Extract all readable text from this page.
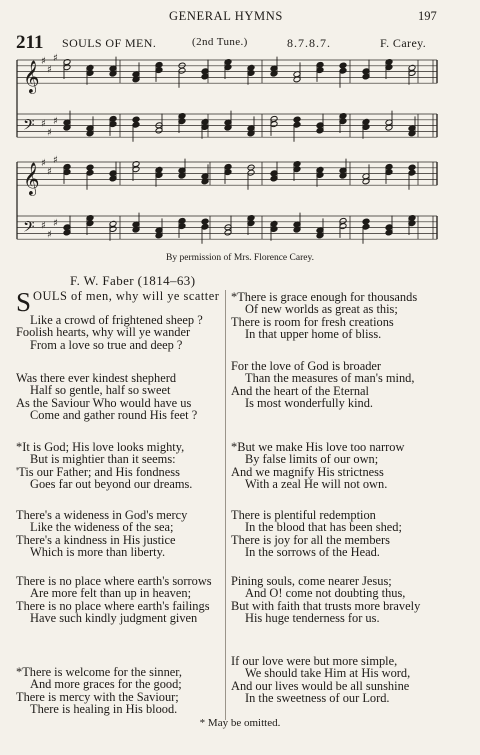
GENERAL HYMNS	197
211 SOULS OF MEN.	(2nd Tune.)	8.7.8.7.	F. Carey.
𝄞 ♯
♯
♯
𝄢 ♯
♯
♯
𝄞 ♯
♯
♯
𝄢 ♯
♯
♯
By permission of Mrs. Florence Carey.
F. W. Faber (1814–63)
S OULS of men, why will ye scatter
Like a crowd of frightened sheep ?
Foolish hearts, why will ye wander
From a love so true and deep ?
Was there ever kindest shepherd
Half so gentle, half so sweet
As the Saviour Who would have us
Come and gather round His feet ?
*It is God; His love looks mighty,
But is mightier than it seems:
'Tis our Father; and His fondness
Goes far out beyond our dreams.
There's a wideness in God's mercy
Like the wideness of the sea;
There's a kindness in His justice
Which is more than liberty.
There is no place where earth's sorrows
Are more felt than up in heaven;
There is no place where earth's failings
Have such kindly judgment given
*There is welcome for the sinner,
And more graces for the good;
There is mercy with the Saviour;
There is healing in His blood.
*There is grace enough for thousands
Of new worlds as great as this;
There is room for fresh creations
In that upper home of bliss.
For the love of God is broader
Than the measures of man's mind,
And the heart of the Eternal
Is most wonderfully kind.
*But we make His love too narrow
By false limits of our own;
And we magnify His strictness
With a zeal He will not own.
There is plentiful redemption
In the blood that has been shed;
There is joy for all the members
In the sorrows of the Head.
Pining souls, come nearer Jesus;
And O! come not doubting thus,
But with faith that trusts more bravely
His huge tenderness for us.
If our love were but more simple,
We should take Him at His word,
And our lives would be all sunshine
In the sweetness of our Lord.
* May be omitted.
